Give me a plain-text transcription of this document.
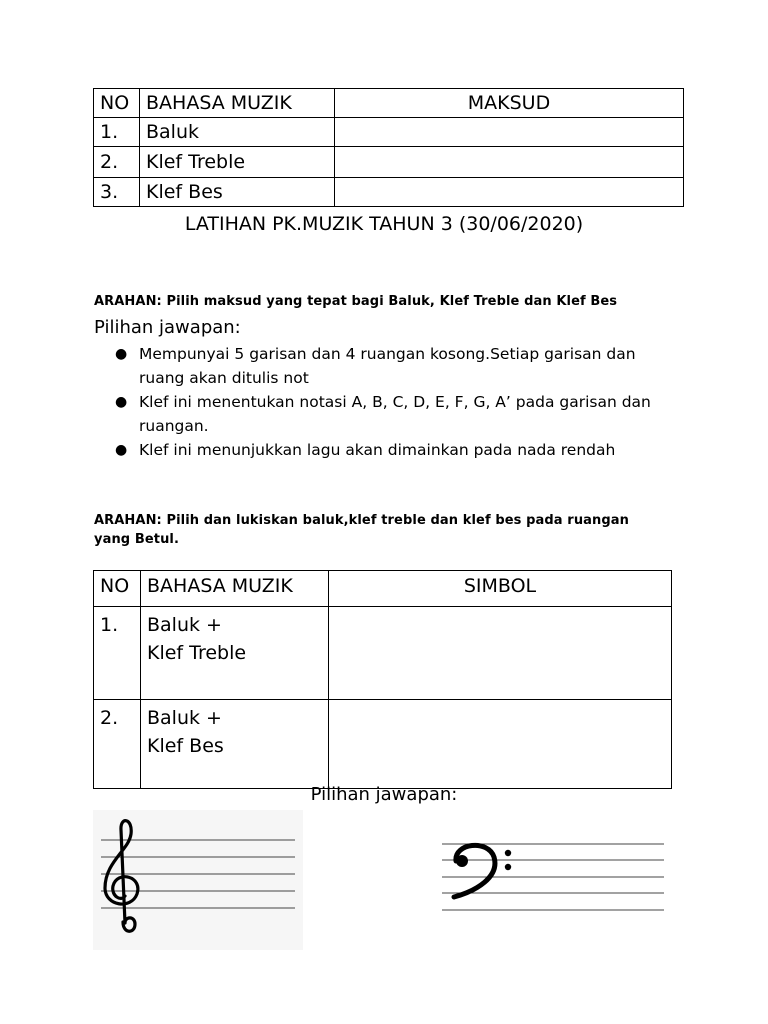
NO	BAHASA MUZIK	MAKSUD
1.	Baluk	
2.	Klef Treble	
3.	Klef Bes	
LATIHAN PK.MUZIK TAHUN 3 (30/06/2020)
ARAHAN: Pilih maksud yang tepat bagi Baluk, Klef Treble dan Klef Bes
Pilihan jawapan:
● Mempunyai 5 garisan dan 4 ruangan kosong.Setiap garisan dan ruang akan ditulis not
● Klef ini menentukan notasi A, B, C, D, E, F, G, A’ pada garisan dan ruangan.
● Klef ini menunjukkan lagu akan dimainkan pada nada rendah
ARAHAN: Pilih dan lukiskan baluk,klef treble dan klef bes pada ruangan yang Betul.
NO	BAHASA MUZIK	SIMBOL
1.	Baluk +
Klef Treble	

2.	Baluk +
Klef Bes	

Pilihan jawapan:
